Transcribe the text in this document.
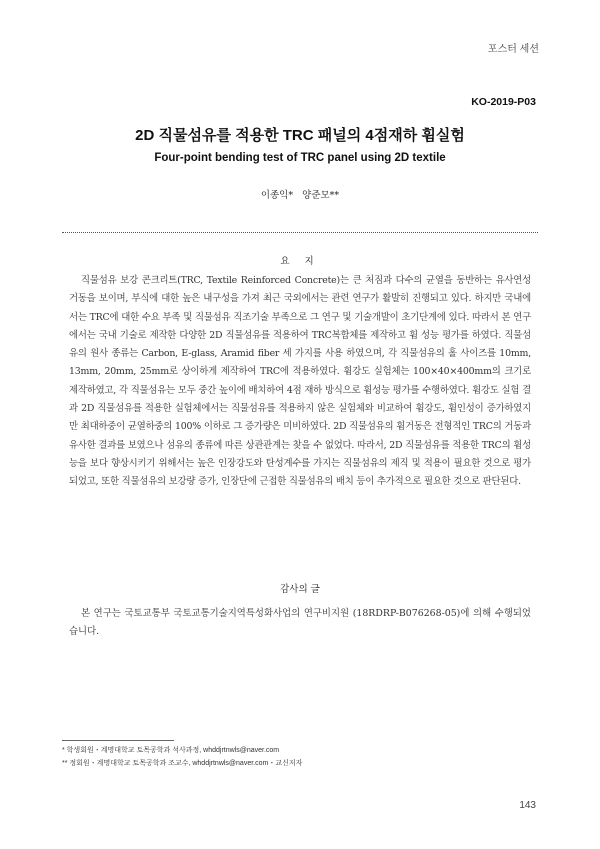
포스터 세션
KO-2019-P03
2D 직물섬유를 적용한 TRC 패널의 4점재하 휨실험
Four-point bending test of TRC panel using 2D textile
이종익*   양준모**
요 지
직물섬유 보강 콘크리트(TRC, Textile Reinforced Concrete)는 큰 처짐과 다수의 균열을 동반하는 유사연성 거동을 보이며, 부식에 대한 높은 내구성을 가져 최근 국외에서는 관련 연구가 활발히 진행되고 있다. 하지만 국내에서는 TRC에 대한 수요 부족 및 직물섬유 직조기술 부족으로 그 연구 및 기술개발이 초기단계에 있다. 따라서 본 연구에서는 국내 기술로 제작한 다양한 2D 직물섬유를 적용하여 TRC복합체를 제작하고 휨 성능 평가를 하였다. 직물섬유의 원사 종류는 Carbon, E-glass, Aramid fiber 세 가지를 사용 하였으며, 각 직물섬유의 홀 사이즈를 10mm, 13mm, 20mm, 25mm로 상이하게 제작하여 TRC에 적용하였다. 휨강도 실험체는 100×40×400mm의 크기로 제작하였고, 각 직물섬유는 모두 중간 높이에 배치하여 4점 재하 방식으로 휨성능 평가를 수행하였다. 휨강도 실험 결과 2D 직물섬유를 적용한 실험체에서는 직물섬유를 적용하지 않은 실험체와 비교하여 휨강도, 휨인성이 증가하였지만 최대하중이 균열하중의 100% 이하로 그 증가량은 미비하였다. 2D 직물섬유의 휨거동은 전형적인 TRC의 거동과 유사한 결과를 보였으나 섬유의 종류에 따른 상관관계는 찾을 수 없었다. 따라서, 2D 직물섬유를 적용한 TRC의 휨성능을 보다 향상시키기 위해서는 높은 인장강도와 탄성계수를 가지는 직물섬유의 제직 및 적용이 필요한 것으로 평가되었고, 또한 직물섬유의 보강량 증가, 인장단에 근접한 직물섬유의 배치 등이 추가적으로 필요한 것으로 판단된다.
감사의 글
본 연구는 국토교통부 국토교통기술지역특성화사업의 연구비지원 (18RDRP-B076268-05)에 의해 수행되었습니다.
* 학생회원・계명대학교 토목공학과 석사과정, whddjrtnwls@naver.com
** 정회원・계명대학교 토목공학과 조교수, whddjrtnwls@naver.com・교신저자
143
